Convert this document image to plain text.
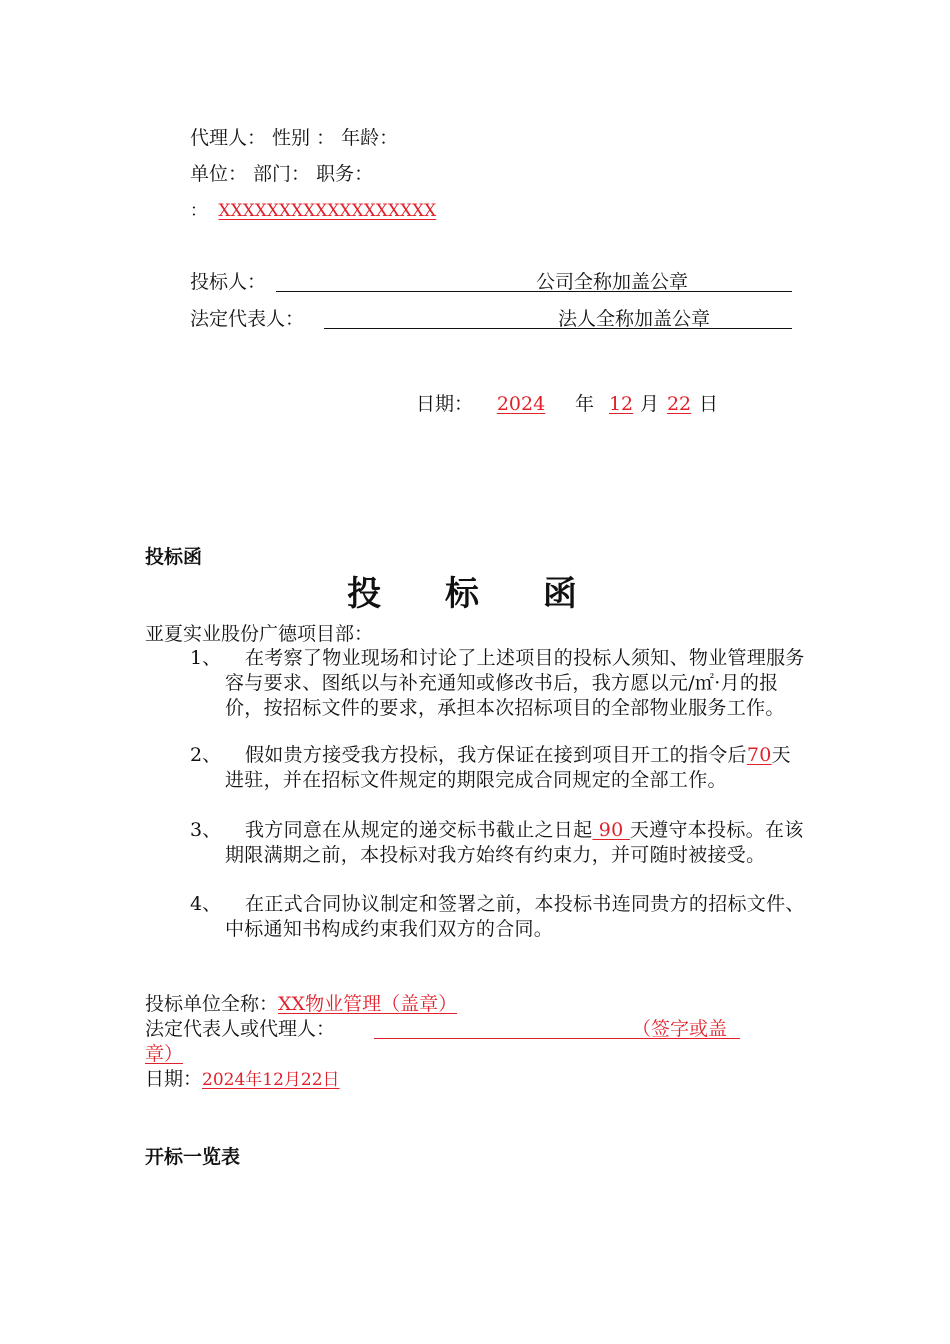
代理人： 性别 ： 年龄：
单位： 部门： 职务：
： XXXXXXXXXXXXXXXXXX
投标人：	公司全称加盖公章
法定代表人：	法人全称加盖公章
日期： 2024 年 12 月 22 日
投标函
投 标 函
亚夏实业股份广德项目部：
1、	在考察了物业现场和讨论了上述项目的投标人须知、物业管理服务容与要求、图纸以与补充通知或修改书后，我方愿以元/㎡·月的报价，按招标文件的要求，承担本次招标项目的全部物业服务工作。
2、	假如贵方接受我方投标，我方保证在接到项目开工的指令后70天进驻，并在招标文件规定的期限完成合同规定的全部工作。
3、	我方同意在从规定的递交标书截止之日起 90 天遵守本投标。在该期限满期之前，本投标对我方始终有约束力，并可随时被接受。
4、	在正式合同协议制定和签署之前，本投标书连同贵方的招标文件、中标通知书构成约束我们双方的合同。
投标单位全称：XX物业管理（盖章）
法定代表人或代理人：	（签字或盖
章）
日期：2024年12月22日
开标一览表
